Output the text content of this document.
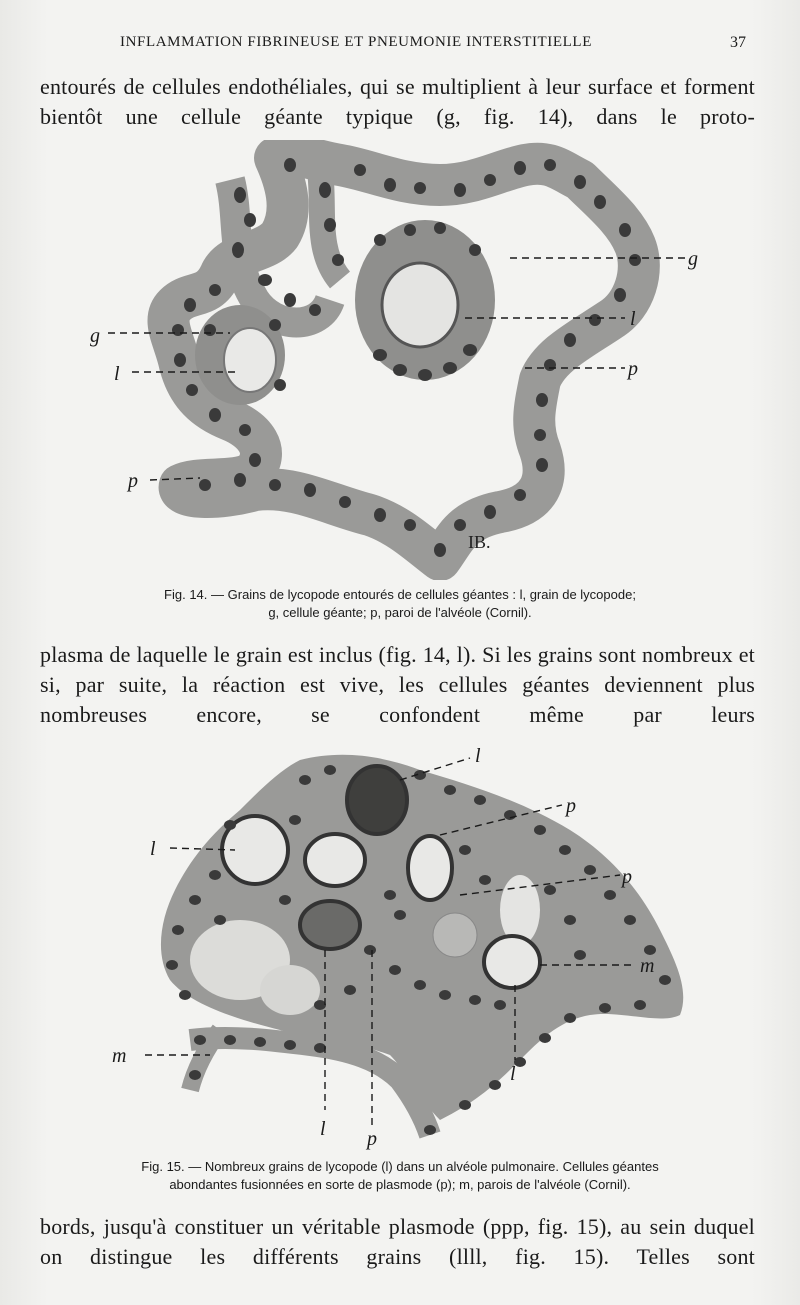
INFLAMMATION FIBRINEUSE ET PNEUMONIE INTERSTITIELLE	37
entourés de cellules endothéliales, qui se multiplient à leur surface et forment bientôt une cellule géante typique (g, fig. 14), dans le proto-
g
l
p
g
l
p
IB.
Fig. 14. — Grains de lycopode entourés de cellules géantes : l, grain de lycopode;
g, cellule géante; p, paroi de l'alvéole (Cornil).
plasma de laquelle le grain est inclus (fig. 14, l). Si les grains sont nombreux et si, par suite, la réaction est vive, les cellules géantes deviennent plus nombreuses encore, se confondent même par leurs
l
p
p
l
m
m
l
l p
Fig. 15. — Nombreux grains de lycopode (l) dans un alvéole pulmonaire. Cellules géantes
abondantes fusionnées en sorte de plasmode (p); m, parois de l'alvéole (Cornil).
bords, jusqu'à constituer un véritable plasmode (ppp, fig. 15), au sein duquel on distingue les différents grains (llll, fig. 15). Telles sont
